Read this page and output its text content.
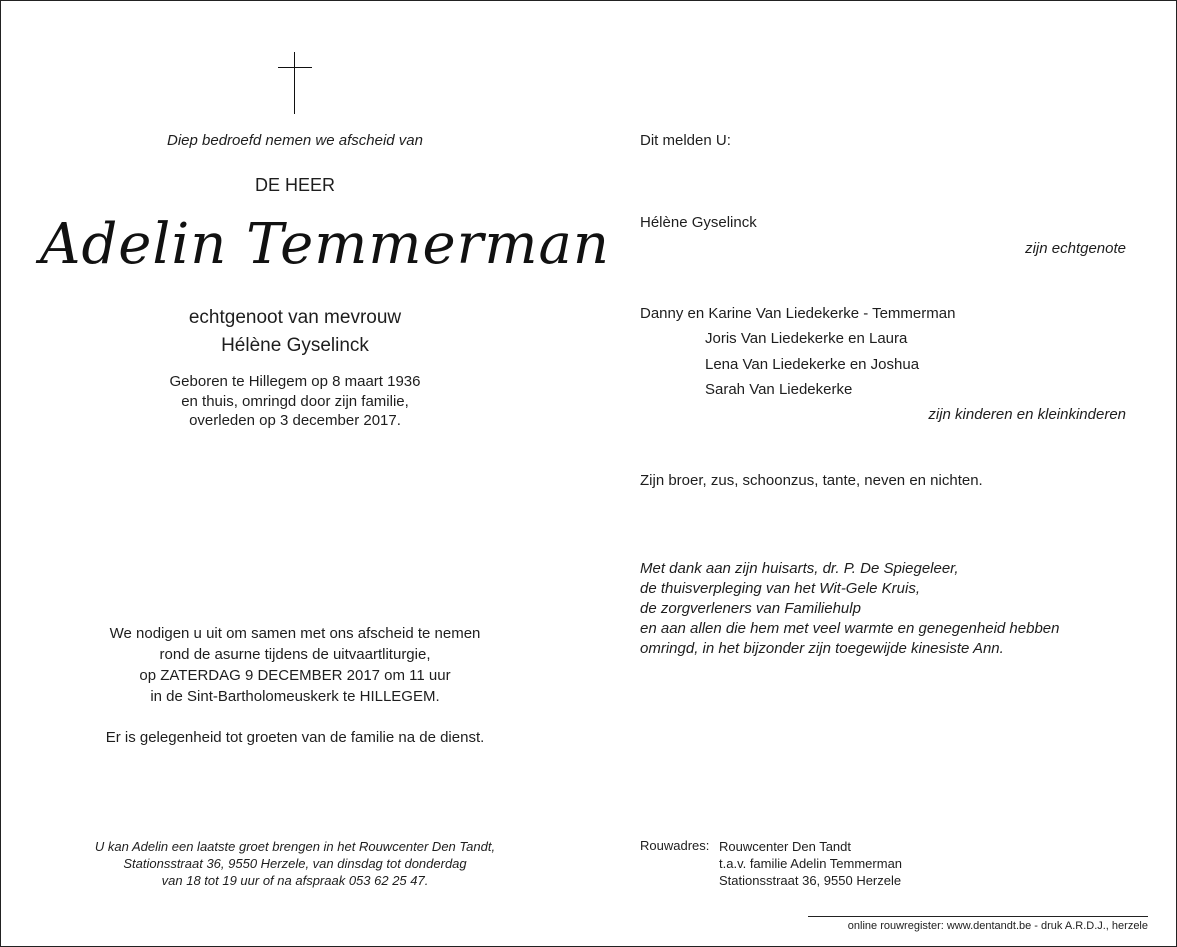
Diep bedroefd nemen we afscheid van
DE HEER
Adelin Temmerman
echtgenoot van mevrouw
Hélène Gyselinck
Geboren te Hillegem op 8 maart 1936
en thuis, omringd door zijn familie,
overleden op 3 december 2017.
We nodigen u uit om samen met ons afscheid te nemen
rond de asurne tijdens de uitvaartliturgie,
op ZATERDAG 9 DECEMBER 2017 om 11 uur
in de Sint-Bartholomeuskerk te HILLEGEM.
Er is gelegenheid tot groeten van de familie na de dienst.
U kan Adelin een laatste groet brengen in het Rouwcenter Den Tandt,
Stationsstraat 36, 9550 Herzele, van dinsdag tot donderdag
van 18 tot 19 uur of na afspraak 053 62 25 47.
Dit melden U:
Hélène Gyselinck
zijn echtgenote
Danny en Karine Van Liedekerke - Temmerman
Joris Van Liedekerke en Laura
Lena Van Liedekerke en Joshua
Sarah Van Liedekerke
zijn kinderen en kleinkinderen
Zijn broer, zus, schoonzus, tante, neven en nichten.
Met dank aan zijn huisarts, dr. P. De Spiegeleer,
de thuisverpleging van het Wit-Gele Kruis,
de zorgverleners van Familiehulp
en aan allen die hem met veel warmte en genegenheid hebben
omringd, in het bijzonder zijn toegewijde kinesiste Ann.
Rouwadres: Rouwcenter Den Tandt
t.a.v. familie Adelin Temmerman
Stationsstraat 36, 9550 Herzele
online rouwregister: www.dentandt.be - druk A.R.D.J., herzele
